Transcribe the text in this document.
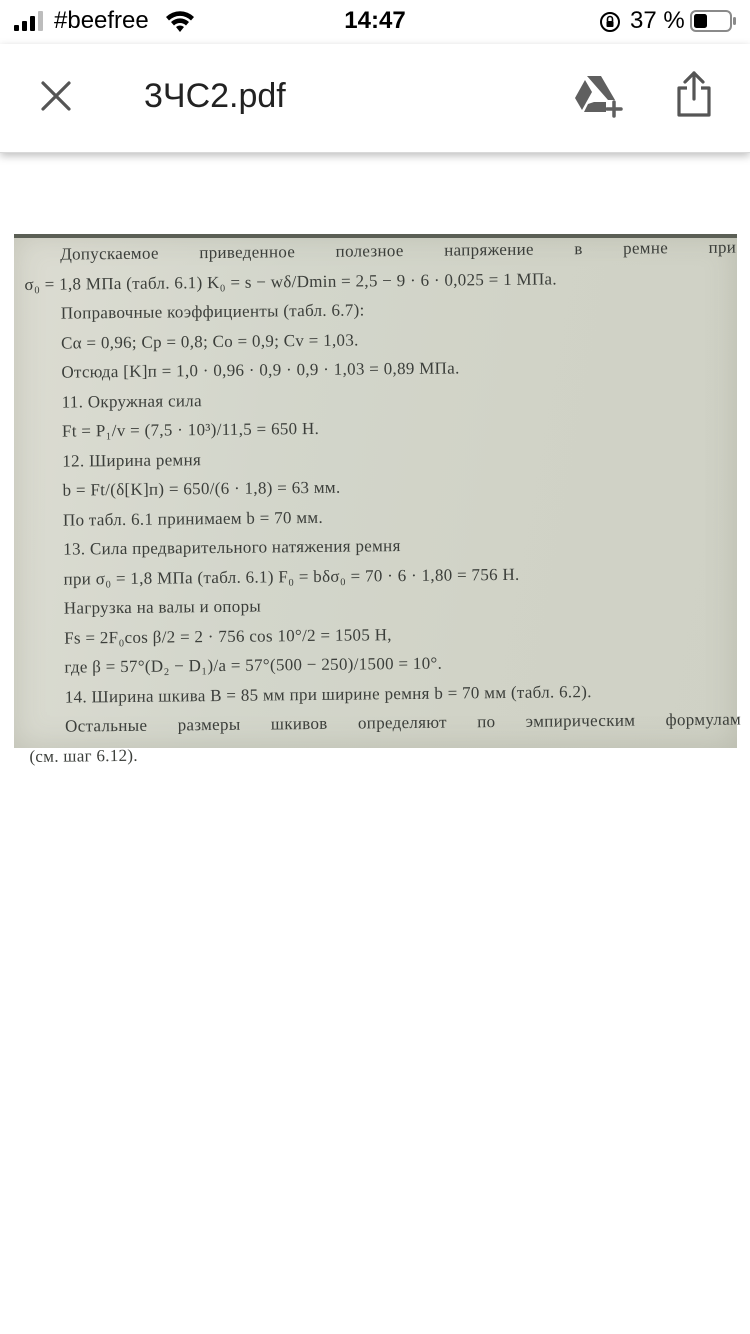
#beefree	14:47	37 %
3ЧС2.pdf
Допускаемое приведенное полезное напряжение в ремне при
σ₀ = 1,8 МПа (табл. 6.1) K₀ = s − wδ/Dmin = 2,5 − 9 · 6 · 0,025 = 1 МПа.
Поправочные коэффициенты (табл. 6.7):
Cα = 0,96; Cp = 0,8; Cо = 0,9; Cv = 1,03.
Отсюда [K]п = 1,0 · 0,96 · 0,9 · 0,9 · 1,03 = 0,89 МПа.
11. Окружная сила
Ft = P₁/v = (7,5 · 10³)/11,5 = 650 Н.
12. Ширина ремня
b = Ft/(δ[K]п) = 650/(6 · 1,8) = 63 мм.
По табл. 6.1 принимаем b = 70 мм.
13. Сила предварительного натяжения ремня
при σ₀ = 1,8 МПа (табл. 6.1) F₀ = bδσ₀ = 70 · 6 · 1,80 = 756 Н.
Нагрузка на валы и опоры
Fs = 2F₀cos β/2 = 2 · 756 cos 10°/2 = 1505 Н,
где β = 57°(D₂ − D₁)/a = 57°(500 − 250)/1500 = 10°.
14. Ширина шкива B = 85 мм при ширине ремня b = 70 мм (табл. 6.2).
Остальные размеры шкивов определяют по эмпирическим формулам
(см. шаг 6.12).
